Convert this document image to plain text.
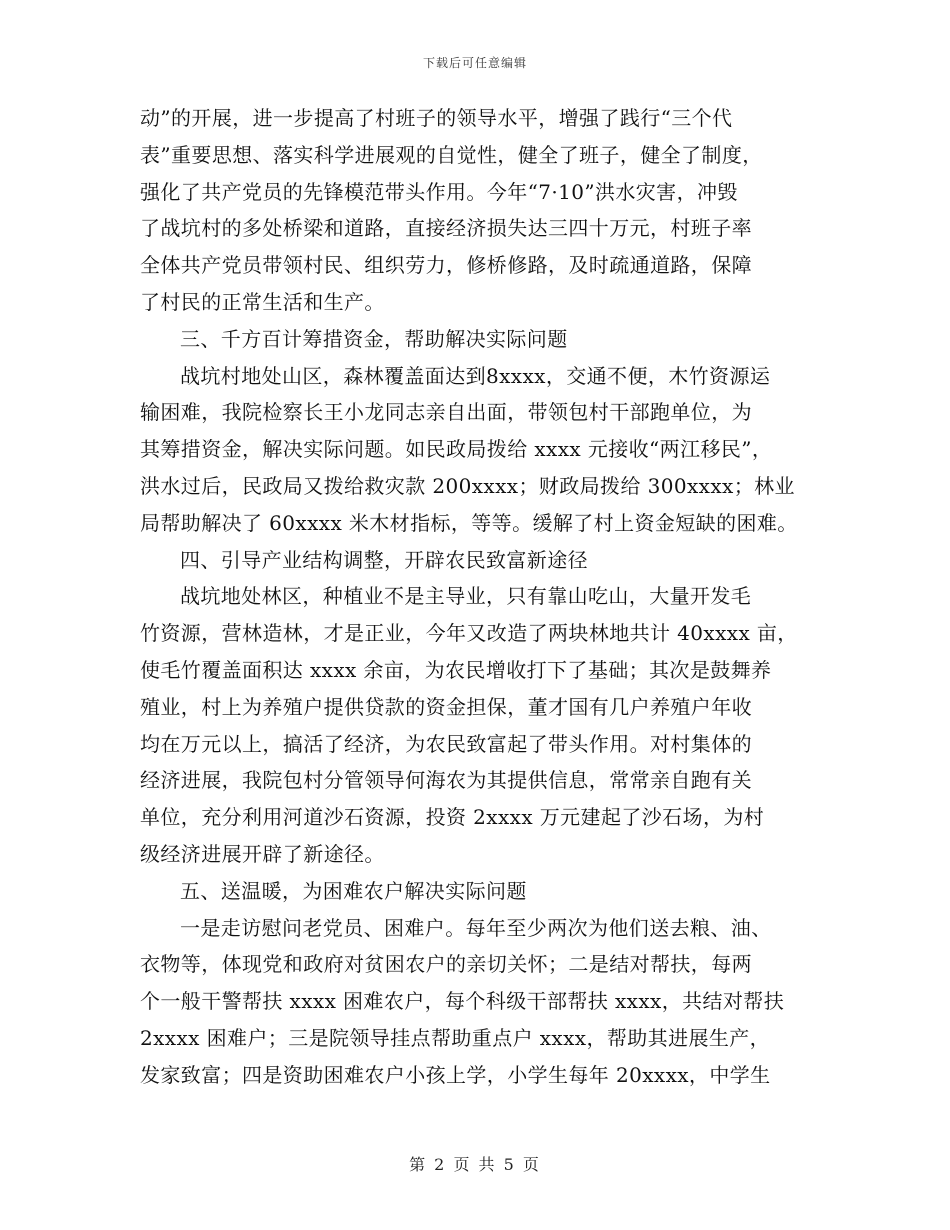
下载后可任意编辑
动”的开展，进一步提高了村班子的领导水平，增强了践行“三个代
表”重要思想、落实科学进展观的自觉性，健全了班子，健全了制度，
强化了共产党员的先锋模范带头作用。今年“7·10”洪水灾害，冲毁
了战坑村的多处桥梁和道路，直接经济损失达三四十万元，村班子率
全体共产党员带领村民、组织劳力，修桥修路，及时疏通道路，保障
了村民的正常生活和生产。
三、千方百计筹措资金，帮助解决实际问题
战坑村地处山区，森林覆盖面达到8xxxx，交通不便，木竹资源运
输困难，我院检察长王小龙同志亲自出面，带领包村干部跑单位，为
其筹措资金，解决实际问题。如民政局拨给 xxxx 元接收“两江移民”，
洪水过后，民政局又拨给救灾款 200xxxx；财政局拨给 300xxxx；林业
局帮助解决了 60xxxx 米木材指标，等等。缓解了村上资金短缺的困难。
四、引导产业结构调整，开辟农民致富新途径
战坑地处林区，种植业不是主导业，只有靠山吃山，大量开发毛
竹资源，营林造林，才是正业，今年又改造了两块林地共计 40xxxx 亩，
使毛竹覆盖面积达 xxxx 余亩，为农民增收打下了基础；其次是鼓舞养
殖业，村上为养殖户提供贷款的资金担保，董才国有几户养殖户年收
均在万元以上，搞活了经济，为农民致富起了带头作用。对村集体的
经济进展，我院包村分管领导何海农为其提供信息，常常亲自跑有关
单位，充分利用河道沙石资源，投资 2xxxx 万元建起了沙石场，为村
级经济进展开辟了新途径。
五、送温暖，为困难农户解决实际问题
一是走访慰问老党员、困难户。每年至少两次为他们送去粮、油、
衣物等，体现党和政府对贫困农户的亲切关怀；二是结对帮扶，每两
个一般干警帮扶 xxxx 困难农户，每个科级干部帮扶 xxxx，共结对帮扶
2xxxx 困难户；三是院领导挂点帮助重点户 xxxx，帮助其进展生产，
发家致富；四是资助困难农户小孩上学，小学生每年 20xxxx，中学生
第 2 页 共 5 页
